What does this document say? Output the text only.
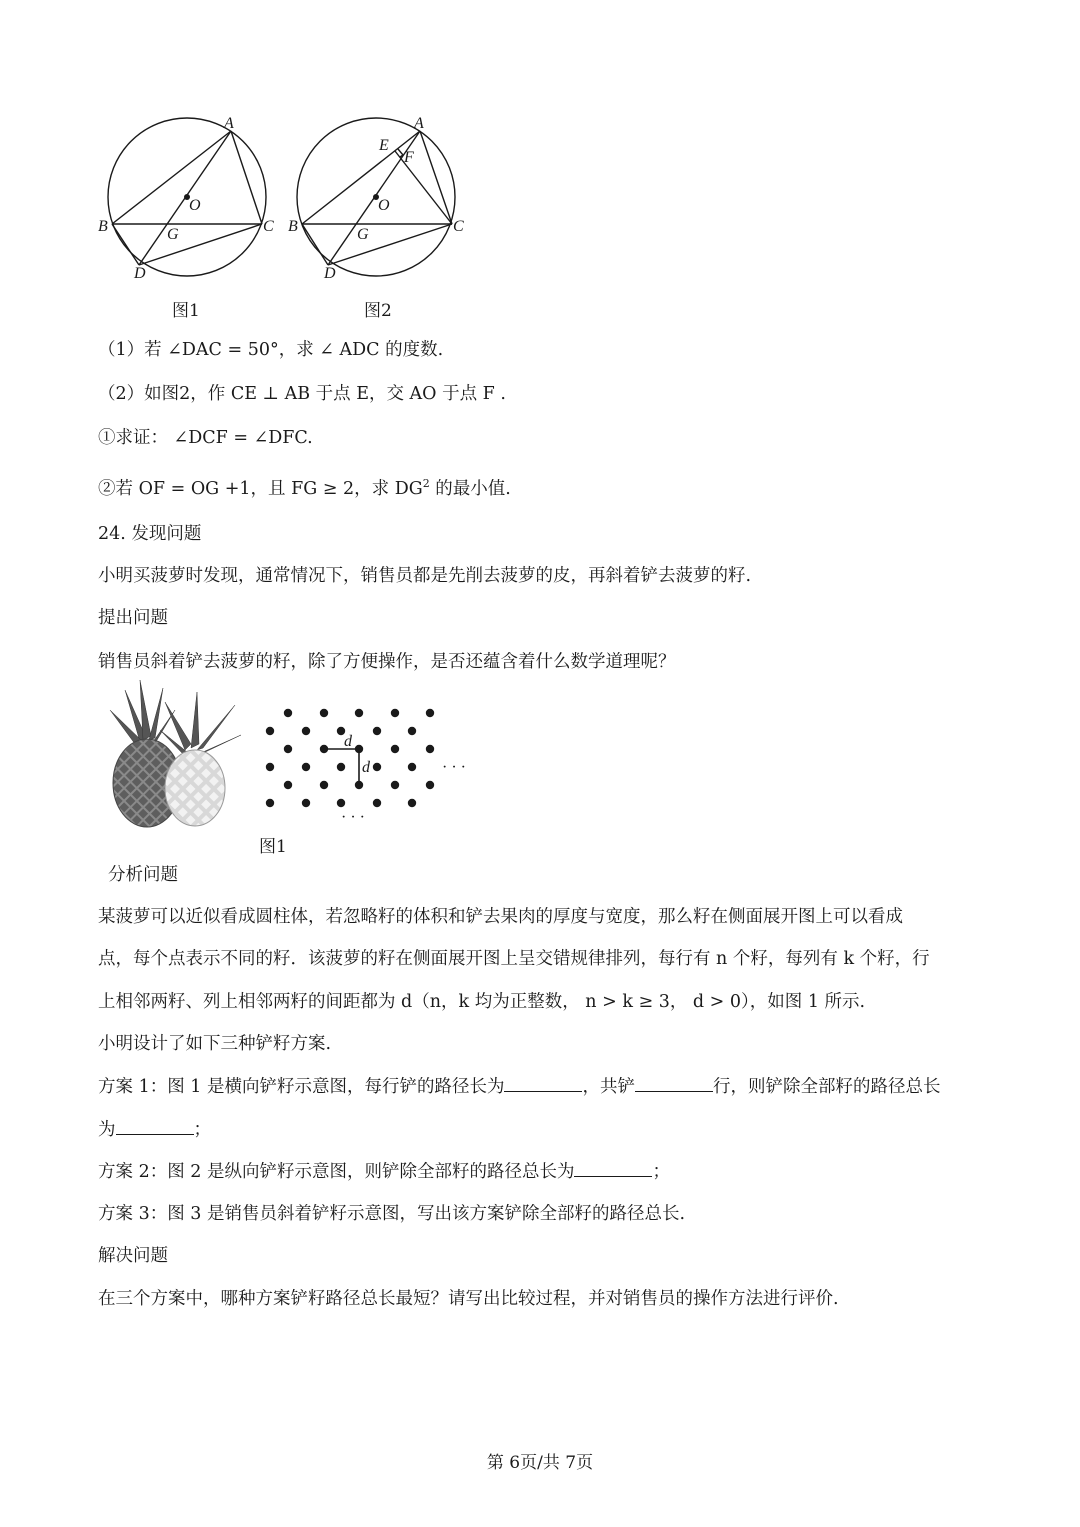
A
B	C
D
O
G
A
E
F
B	C
D
O
G
图1	图2
（1）若 ∠DAC = 50°，求 ∠ ADC 的度数.
（2）如图2，作 CE ⊥ AB 于点 E，交 AO 于点 F .
①求证： ∠DCF = ∠DFC.
②若 OF = OG +1，且 FG ≥ 2，求 $DG^2$ 的最小值.
24. 发现问题
小明买菠萝时发现，通常情况下，销售员都是先削去菠萝的皮，再斜着铲去菠萝的籽.
提出问题
销售员斜着铲去菠萝的籽，除了方便操作，是否还蕴含着什么数学道理呢？
d
d	· · ·
· · ·
图1
分析问题
某菠萝可以近似看成圆柱体，若忽略籽的体积和铲去果肉的厚度与宽度，那么籽在侧面展开图上可以看成
点，每个点表示不同的籽．该菠萝的籽在侧面展开图上呈交错规律排列，每行有 n 个籽，每列有 k 个籽，行
上相邻两籽、列上相邻两籽的间距都为 d（n，k 均为正整数， n > k ≥ 3， d > 0），如图 1 所示.
小明设计了如下三种铲籽方案.
方案 1：图 1 是横向铲籽示意图，每行铲的路径长为	，共铲	行，则铲除全部籽的路径总长
为	；
方案 2：图 2 是纵向铲籽示意图，则铲除全部籽的路径总长为	；
方案 3：图 3 是销售员斜着铲籽示意图，写出该方案铲除全部籽的路径总长.
解决问题
在三个方案中，哪种方案铲籽路径总长最短？请写出比较过程，并对销售员的操作方法进行评价.
第 6页/共 7页
